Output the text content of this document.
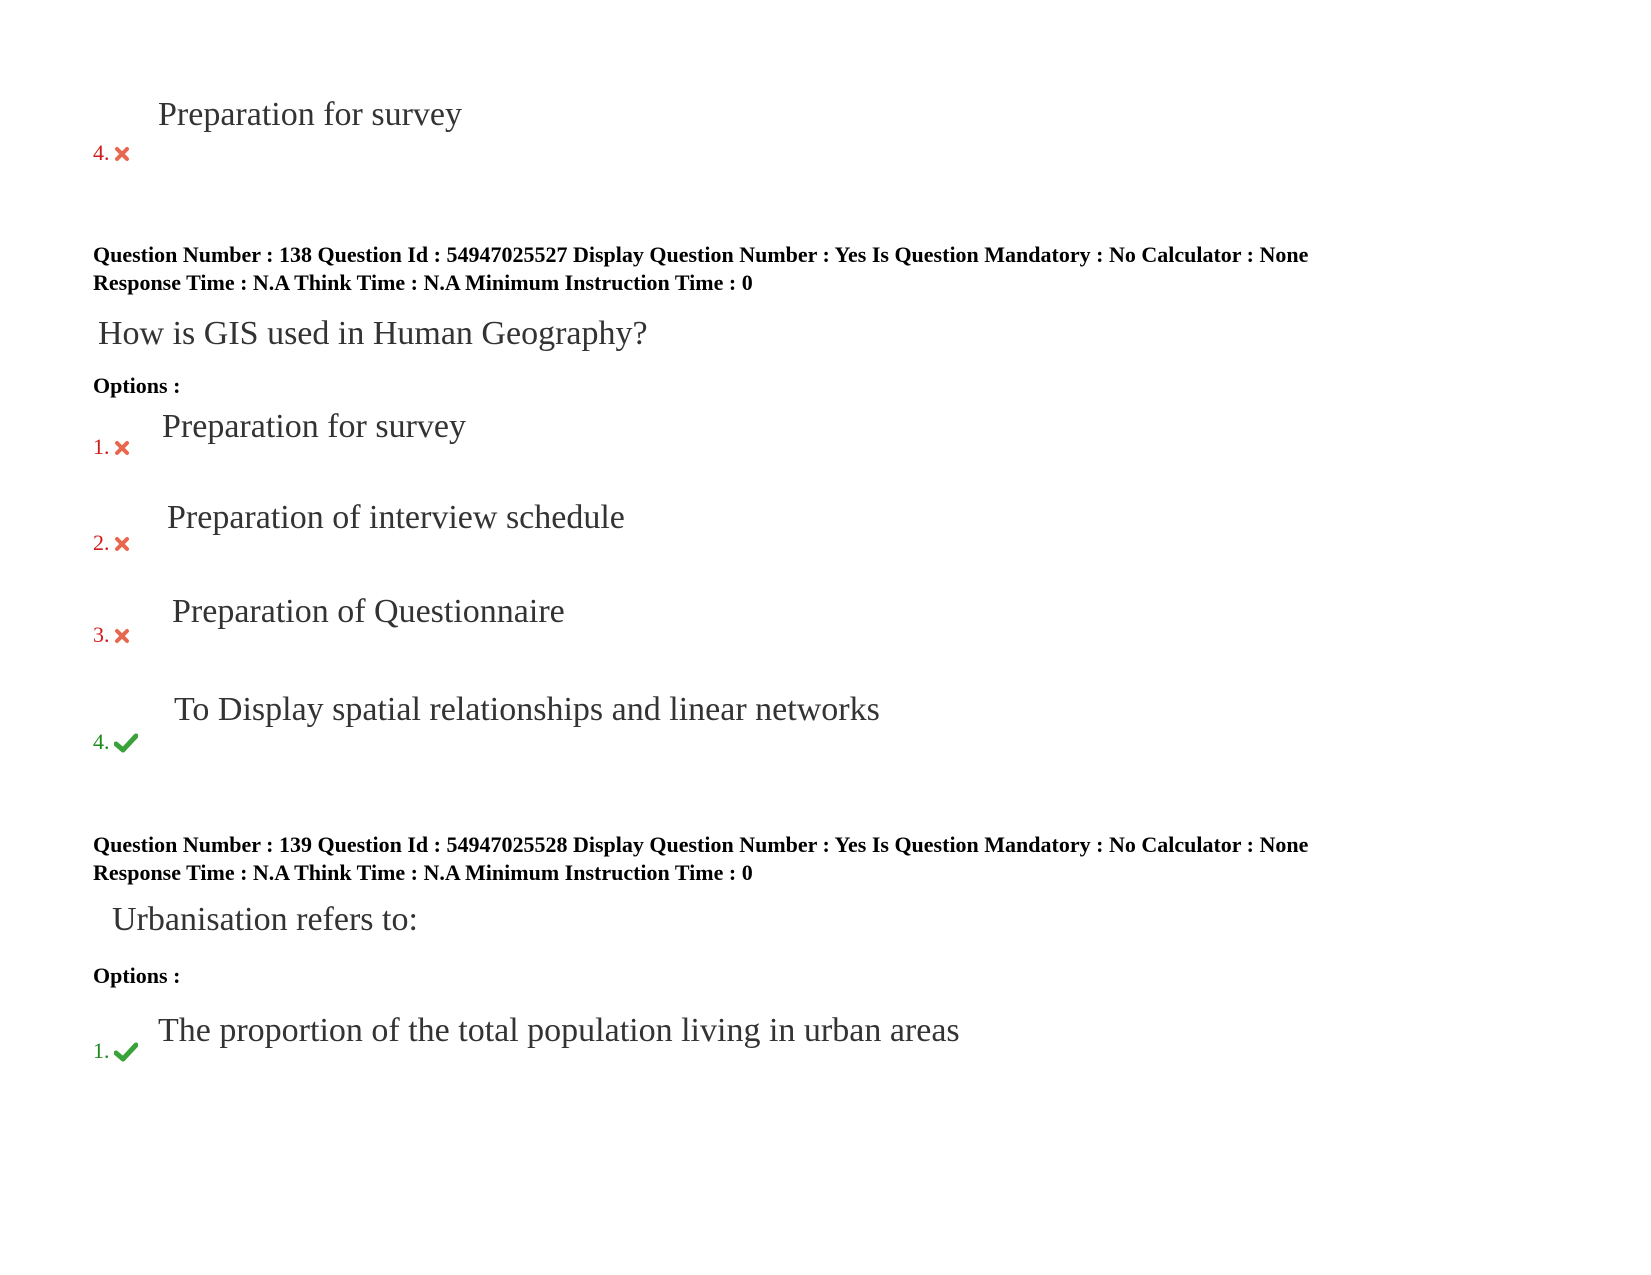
Preparation for survey
4.
Question Number : 138 Question Id : 54947025527 Display Question Number : Yes Is Question Mandatory : No Calculator : None
Response Time : N.A Think Time : N.A Minimum Instruction Time : 0
How is GIS used in Human Geography?
Options :
Preparation for survey
1.
Preparation of interview schedule
2.
Preparation of Questionnaire
3.
To Display spatial relationships and linear networks
4.
Question Number : 139 Question Id : 54947025528 Display Question Number : Yes Is Question Mandatory : No Calculator : None
Response Time : N.A Think Time : N.A Minimum Instruction Time : 0
Urbanisation refers to:
Options :
The proportion of the total population living in urban areas
1.
